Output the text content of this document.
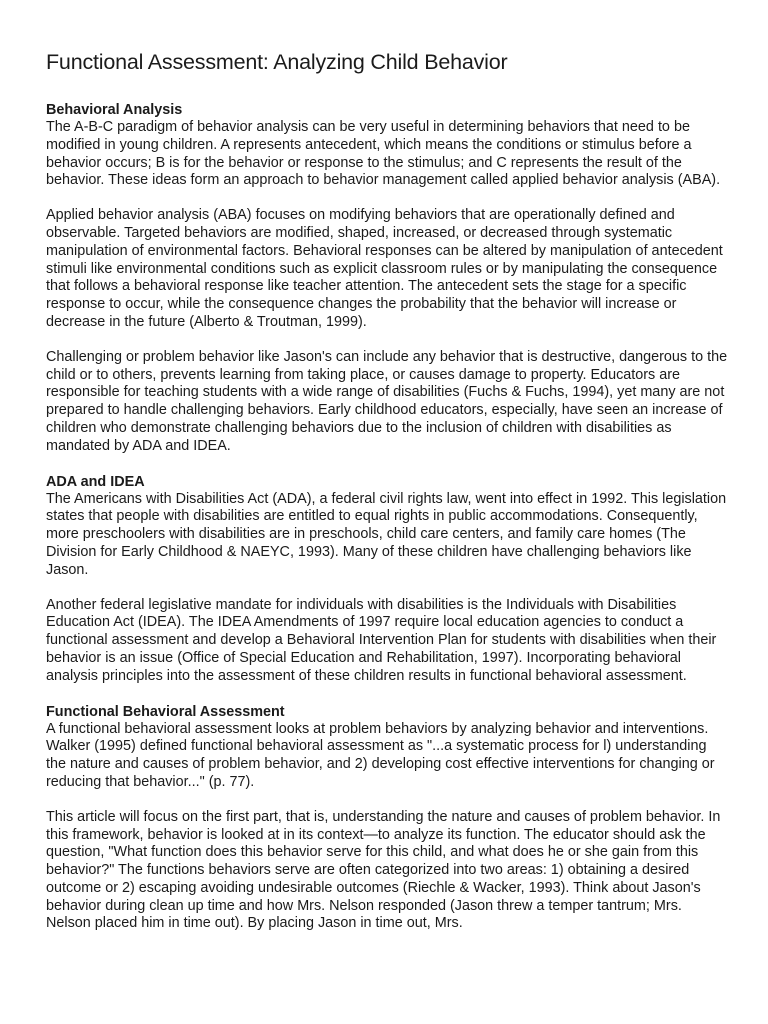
Functional Assessment: Analyzing Child Behavior
Behavioral Analysis

The A-B-C paradigm of behavior analysis can be very useful in determining behaviors that need to be modified in young children. A represents antecedent, which means the conditions or stimulus before a behavior occurs; B is for the behavior or response to the stimulus; and C represents the result of the behavior. These ideas form an approach to behavior management called applied behavior analysis (ABA).

Applied behavior analysis (ABA) focuses on modifying behaviors that are operationally defined and observable. Targeted behaviors are modified, shaped, increased, or decreased through systematic manipulation of environmental factors. Behavioral responses can be altered by manipulation of antecedent stimuli like environmental conditions such as explicit classroom rules or by manipulating the consequence that follows a behavioral response like teacher attention. The antecedent sets the stage for a specific response to occur, while the consequence changes the probability that the behavior will increase or decrease in the future (Alberto & Troutman, 1999).

Challenging or problem behavior like Jason's can include any behavior that is destructive, dangerous to the child or to others, prevents learning from taking place, or causes damage to property. Educators are responsible for teaching students with a wide range of disabilities (Fuchs & Fuchs, 1994), yet many are not prepared to handle challenging behaviors. Early childhood educators, especially, have seen an increase of children who demonstrate challenging behaviors due to the inclusion of children with disabilities as mandated by ADA and IDEA.

ADA and IDEA

The Americans with Disabilities Act (ADA), a federal civil rights law, went into effect in 1992. This legislation states that people with disabilities are entitled to equal rights in public accommodations. Consequently, more preschoolers with disabilities are in preschools, child care centers, and family care homes (The Division for Early Childhood & NAEYC, 1993). Many of these children have challenging behaviors like Jason.

Another federal legislative mandate for individuals with disabilities is the Individuals with Disabilities Education Act (IDEA). The IDEA Amendments of 1997 require local education agencies to conduct a functional assessment and develop a Behavioral Intervention Plan for students with disabilities when their behavior is an issue (Office of Special Education and Rehabilitation, 1997). Incorporating behavioral analysis principles into the assessment of these children results in functional behavioral assessment.

Functional Behavioral Assessment

A functional behavioral assessment looks at problem behaviors by analyzing behavior and interventions. Walker (1995) defined functional behavioral assessment as "...a systematic process for l) understanding the nature and causes of problem behavior, and 2) developing cost effective interventions for changing or reducing that behavior..." (p. 77).

This article will focus on the first part, that is, understanding the nature and causes of problem behavior. In this framework, behavior is looked at in its context—to analyze its function. The educator should ask the question, "What function does this behavior serve for this child, and what does he or she gain from this behavior?" The functions behaviors serve are often categorized into two areas: 1) obtaining a desired outcome or 2) escaping avoiding undesirable outcomes (Riechle & Wacker, 1993). Think about Jason's behavior during clean up time and how Mrs. Nelson responded (Jason threw a temper tantrum; Mrs. Nelson placed him in time out). By placing Jason in time out, Mrs.
